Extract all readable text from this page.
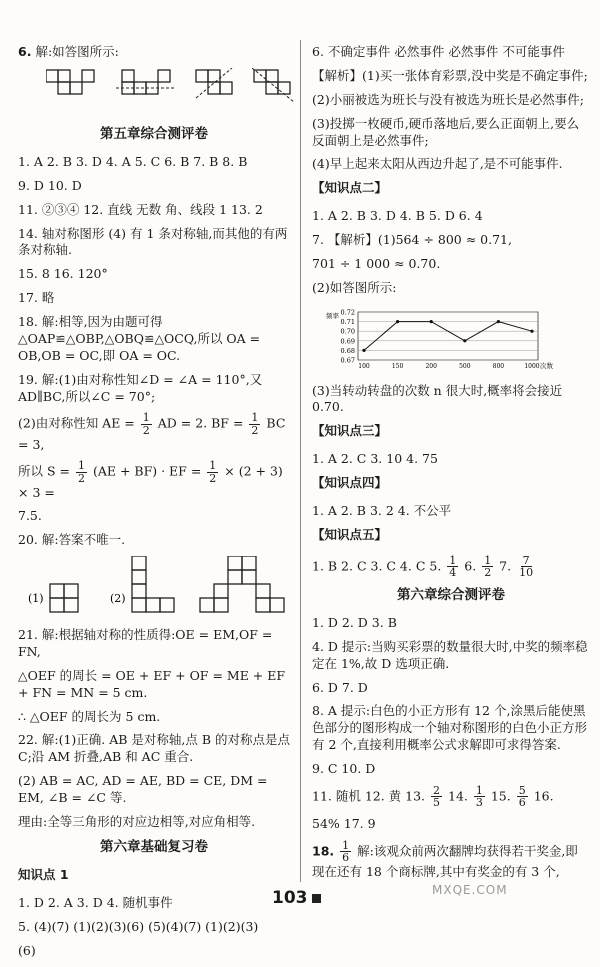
6. 解:如答图所示:
第五章综合测评卷
1. A 2. B 3. D 4. A 5. C 6. B 7. B 8. B
9. D 10. D
11. ②③④ 12. 直线 无数 角、线段 1 13. 2
14. 轴对称图形 (4) 有 1 条对称轴,而其他的有两条对称轴.
15. 8 16. 120°
17. 略
18. 解:相等,因为由题可得 △OAP≌△OBP,△OBQ≌△OCQ,所以 OA = OB,OB = OC,即 OA = OC.
19. 解:(1)由对称性知∠D = ∠A = 110°,又 AD∥BC,所以∠C = 70°;
(2)由对称性知 AE = $\frac{1}{2}$ AD = 2. BF = $\frac{1}{2}$ BC = 3,
所以 $S = \frac{1}{2} (AE + BF)$ · EF = $\frac{1}{2} \times (2 + 3) \times 3$ =
7.5.
20. 解:答案不唯一.
(1)	(2)
21. 解:根据轴对称的性质得:OE = EM,OF = FN,
△OEF 的周长 = OE + EF + OF = ME + EF + FN = MN = 5 cm.
∴ △OEF 的周长为 5 cm.
22. 解:(1)正确. AB 是对称轴,点 B 的对称点是点 C;沿 AM 折叠,AB 和 AC 重合.
(2) AB = AC, AD = AE, BD = CE, DM = EM, ∠B = ∠C 等.
理由:全等三角形的对应边相等,对应角相等.
第六章基础复习卷
知识点 1
1. D 2. A 3. D 4. 随机事件
5. (4)(7) (1)(2)(3)(6) (5)(4)(7) (1)(2)(3)
(6)
6. 不确定事件 必然事件 必然事件 不可能事件
【解析】(1)买一张体育彩票,没中奖是不确定事件;
(2)小丽被选为班长与没有被选为班长是必然事件;
(3)投掷一枚硬币,硬币落地后,要么正面朝上,要么反面朝上是必然事件;
(4)早上起来太阳从西边升起了,是不可能事件.
【知识点二】
1. A 2. B 3. D 4. B 5. D 6. 4
7. 【解析】(1)564 ÷ 800 ≈ 0.71,
701 ÷ 1 000 ≈ 0.70.
(2)如答图所示:
0.72
0.71
0.70
0.69
0.68
0.67
频率
次数
100	150	200	500	800	1000
(3)当转动转盘的次数 n 很大时,概率将会接近 0.70.
【知识点三】
1. A 2. C 3. 10 4. 75
【知识点四】
1. A 2. B 3. 2 4. 不公平
【知识点五】
1. B 2. C 3. C 4. C 5. $\frac{1}{4} 6$. $\frac{1}{2} 7$. $\frac{7}{10}$
第六章综合测评卷
1. D 2. D 3. B
4. D 提示:当购买彩票的数量很大时,中奖的频率稳定在 1%,故 D 选项正确.
6. D 7. D
8. A 提示:白色的小正方形有 12 个,涂黑后能使黑色部分的图形构成一个轴对称图形的白色小正方形有 2 个,直接利用概率公式求解即可求得答案.
9. C 10. D
11. 随机 12. 黄 13. $\frac{2}{5} 14$. $\frac{1}{3} 15$. $\frac{5}{6} 16$.
54% 17. 9
18. $\frac{1}{6}$ 解:该观众前两次翻牌均获得若干奖金,即现在还有 18 个商标牌,其中有奖金的有 3 个,
103	MXQE.COM
